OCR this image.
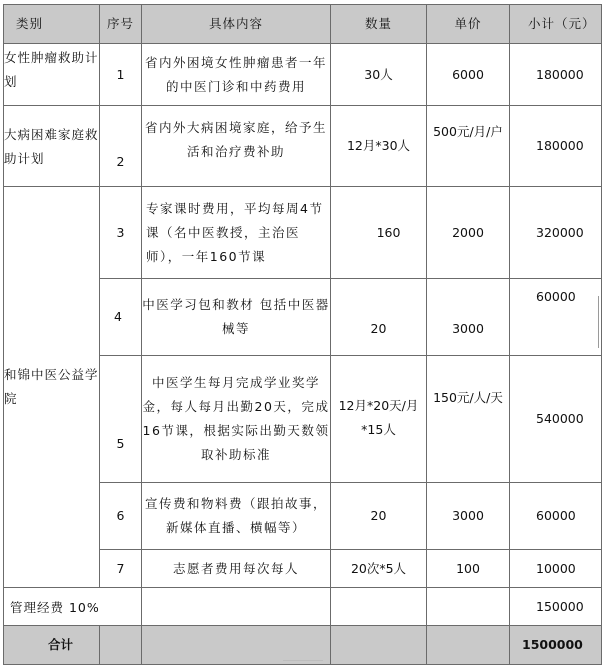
类别	序号	具体内容	数量	单价	小计（元）
女性肿瘤救助计划	1	省内外困境女性肿瘤患者一年的中医门诊和中药费用	30人	6000	180000
大病困难家庭救助计划	2	省内外大病困境家庭，给予生活和治疗费补助	12月*30人	500元/月/户	180000
和锦中医公益学院	3	专家课时费用，平均每周4节课（名中医教授，主治医师），一年160节课	160	2000	320000
	4	中医学习包和教材 包括中医器械等	20	3000	60000
	5	中医学生每月完成学业奖学金，每人每月出勤20天，完成16节课，根据实际出勤天数领取补助标准	12月*20天/月*15人	150元/人/天	540000
	6	宣传费和物料费（跟拍故事，新媒体直播、横幅等）	20	3000	60000
	7	志愿者费用每次每人	20次*5人	100	10000
管理经费 10%					150000
合计					1500000
